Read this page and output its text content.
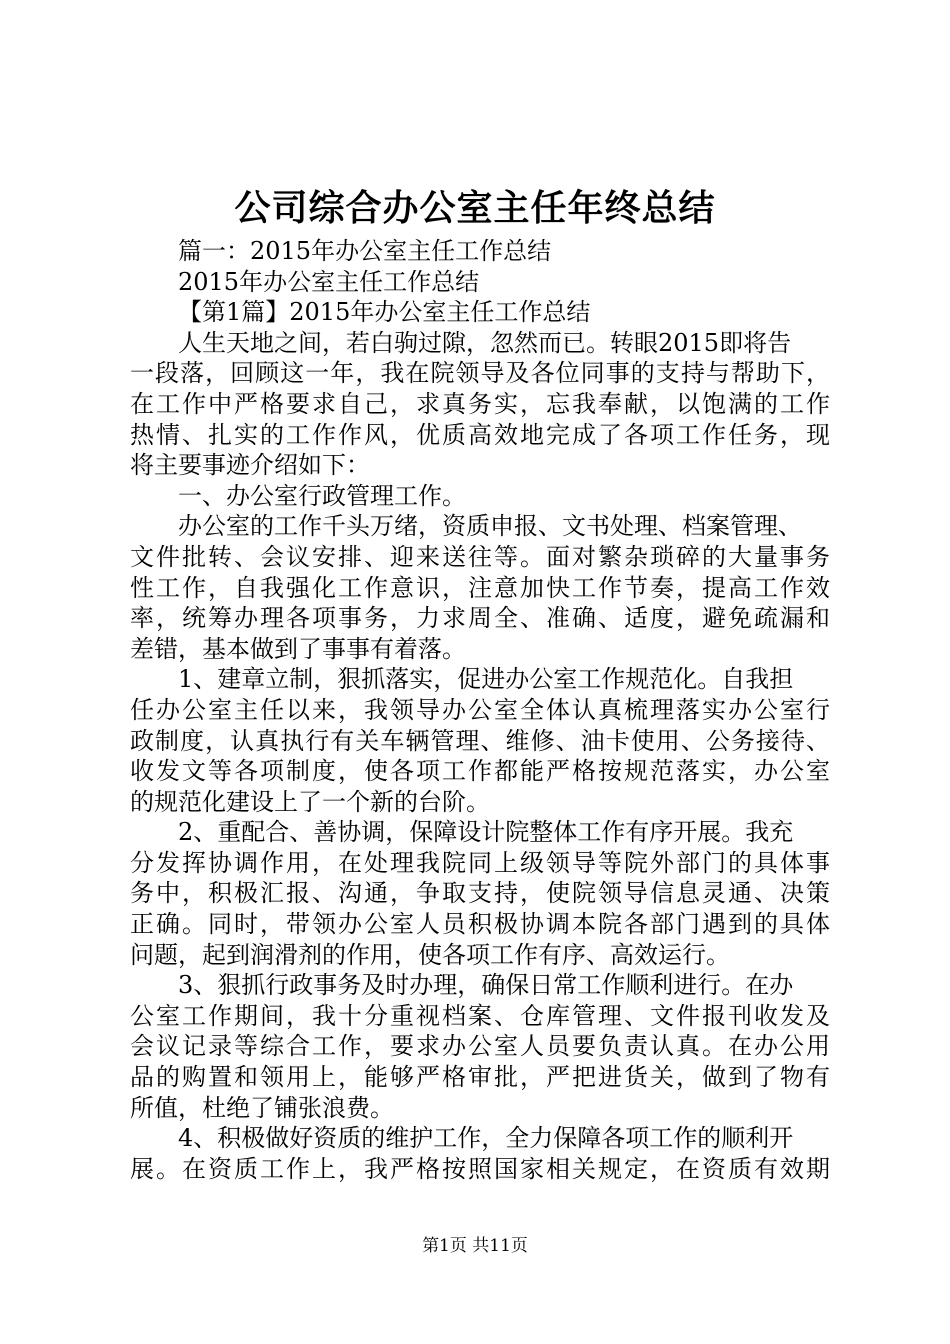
公司综合办公室主任年终总结
篇一：2015年办公室主任工作总结
2015年办公室主任工作总结
【第1篇】2015年办公室主任工作总结
人生天地之间，若白驹过隙，忽然而已。转眼2015即将告
一段落，回顾这一年，我在院领导及各位同事的支持与帮助下，
在工作中严格要求自己，求真务实，忘我奉献，以饱满的工作
热情、扎实的工作作风，优质高效地完成了各项工作任务，现
将主要事迹介绍如下：
一、办公室行政管理工作。
办公室的工作千头万绪，资质申报、文书处理、档案管理、
文件批转、会议安排、迎来送往等。面对繁杂琐碎的大量事务
性工作，自我强化工作意识，注意加快工作节奏，提高工作效
率，统筹办理各项事务，力求周全、准确、适度，避免疏漏和
差错，基本做到了事事有着落。
1、建章立制，狠抓落实，促进办公室工作规范化。自我担
任办公室主任以来，我领导办公室全体认真梳理落实办公室行
政制度，认真执行有关车辆管理、维修、油卡使用、公务接待、
收发文等各项制度，使各项工作都能严格按规范落实，办公室
的规范化建设上了一个新的台阶。
2、重配合、善协调，保障设计院整体工作有序开展。我充
分发挥协调作用，在处理我院同上级领导等院外部门的具体事
务中，积极汇报、沟通，争取支持，使院领导信息灵通、决策
正确。同时，带领办公室人员积极协调本院各部门遇到的具体
问题，起到润滑剂的作用，使各项工作有序、高效运行。
3、狠抓行政事务及时办理，确保日常工作顺利进行。在办
公室工作期间，我十分重视档案、仓库管理、文件报刊收发及
会议记录等综合工作，要求办公室人员要负责认真。在办公用
品的购置和领用上，能够严格审批，严把进货关，做到了物有
所值，杜绝了铺张浪费。
4、积极做好资质的维护工作，全力保障各项工作的顺利开
展。在资质工作上，我严格按照国家相关规定，在资质有效期
第1页 共11页
